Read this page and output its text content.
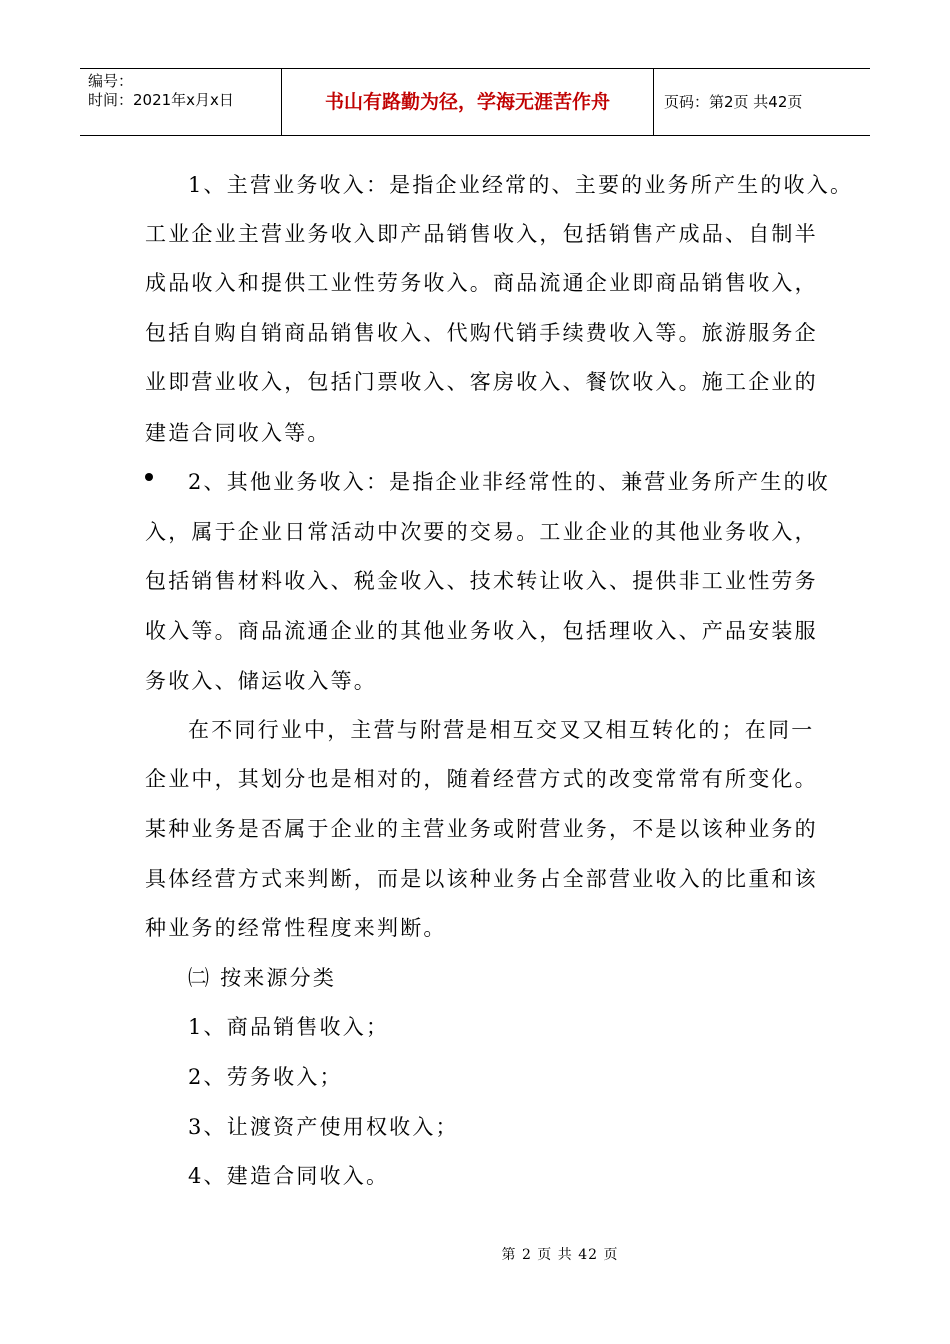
编号：
时间：2021年x月x日	书山有路勤为径，学海无涯苦作舟	页码：第2页 共42页
1、主营业务收入：是指企业经常的、主要的业务所产生的收入。
工业企业主营业务收入即产品销售收入，包括销售产成品、自制半
成品收入和提供工业性劳务收入。商品流通企业即商品销售收入，
包括自购自销商品销售收入、代购代销手续费收入等。旅游服务企
业即营业收入，包括门票收入、客房收入、餐饮收入。施工企业的
建造合同收入等。
2、其他业务收入：是指企业非经常性的、兼营业务所产生的收
入，属于企业日常活动中次要的交易。工业企业的其他业务收入，
包括销售材料收入、税金收入、技术转让收入、提供非工业性劳务
收入等。商品流通企业的其他业务收入，包括理收入、产品安装服
务收入、储运收入等。
在不同行业中，主营与附营是相互交叉又相互转化的；在同一
企业中，其划分也是相对的，随着经营方式的改变常常有所变化。
某种业务是否属于企业的主营业务或附营业务，不是以该种业务的
具体经营方式来判断，而是以该种业务占全部营业收入的比重和该
种业务的经常性程度来判断。
㈡ 按来源分类
1、商品销售收入；
2、劳务收入；
3、让渡资产使用权收入；
4、建造合同收入。
第 2 页 共 42 页
